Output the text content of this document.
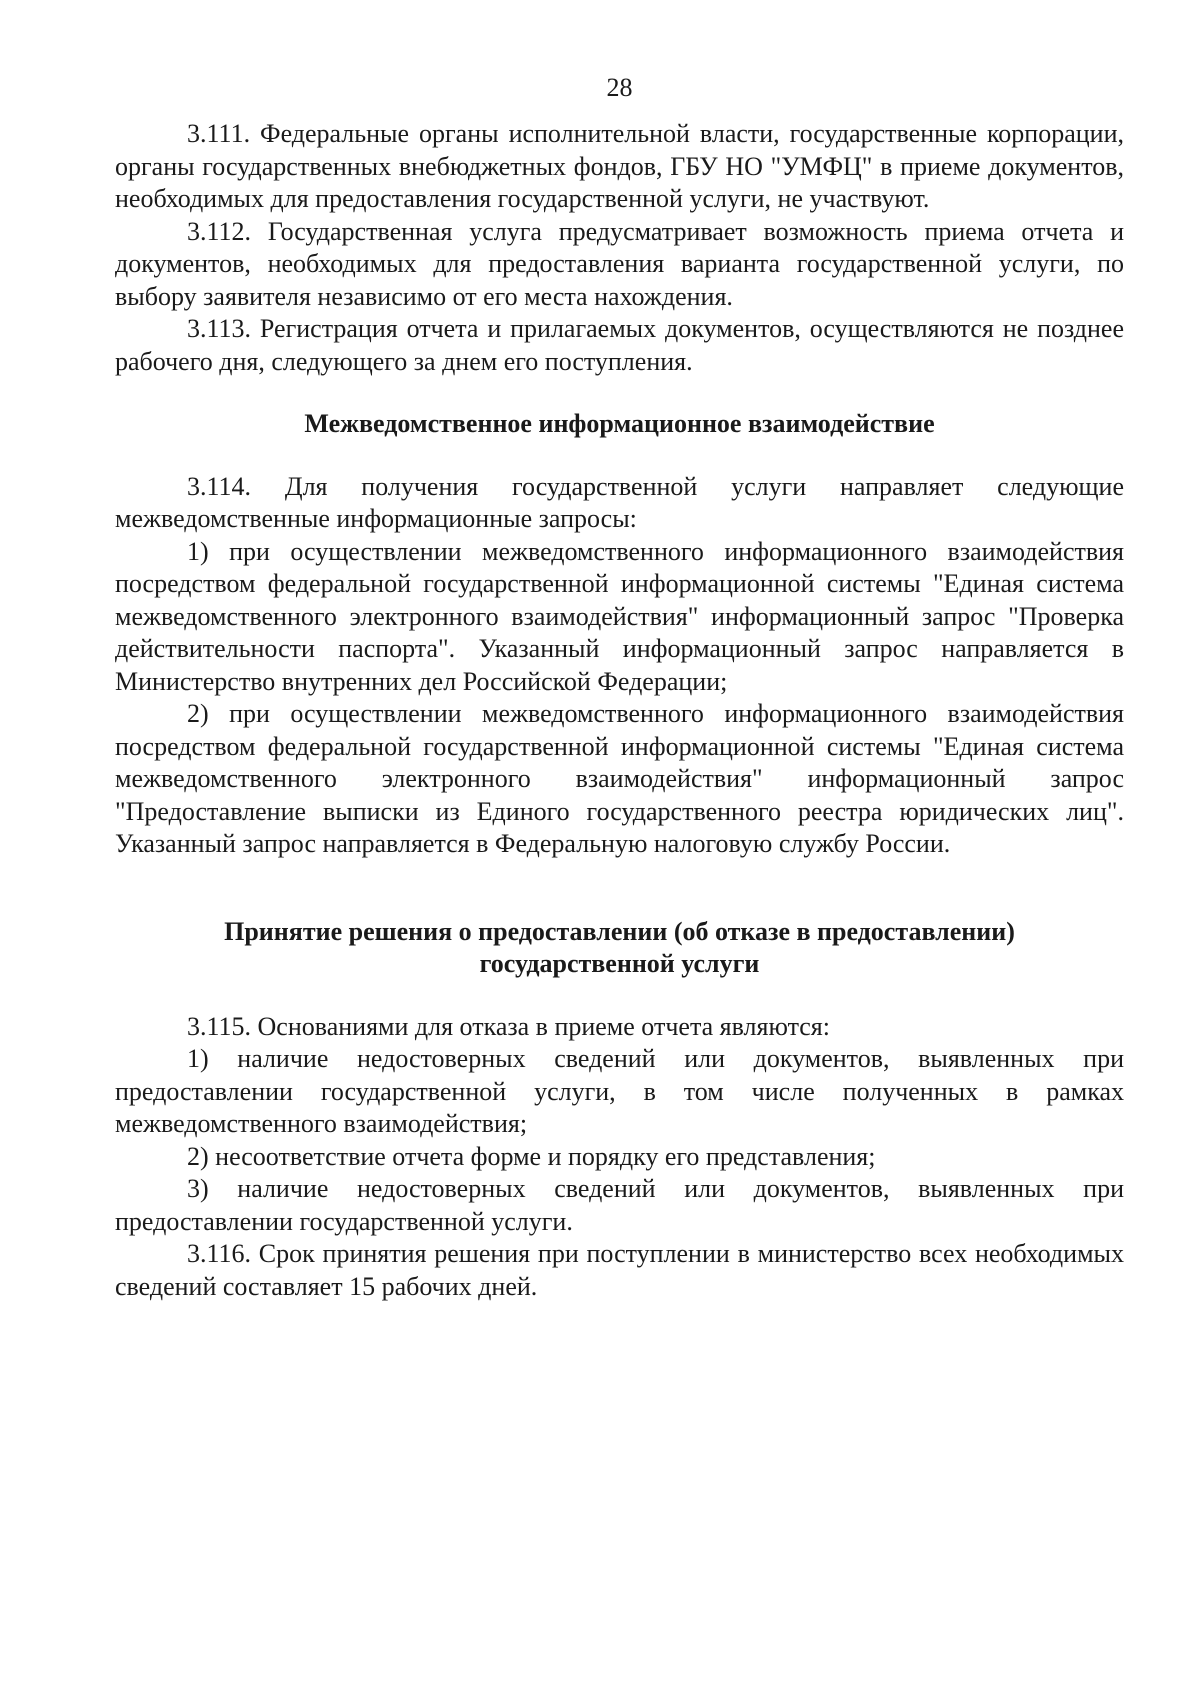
28

3.111. Федеральные органы исполнительной власти, государственные корпорации, органы государственных внебюджетных фондов, ГБУ НО "УМФЦ" в приеме документов, необходимых для предоставления государственной услуги, не участвуют.

3.112. Государственная услуга предусматривает возможность приема отчета и документов, необходимых для предоставления варианта государственной услуги, по выбору заявителя независимо от его места нахождения.

3.113. Регистрация отчета и прилагаемых документов, осуществляются не позднее рабочего дня, следующего за днем его поступления.

Межведомственное информационное взаимодействие

3.114. Для получения государственной услуги направляет следующие межведомственные информационные запросы:

1) при осуществлении межведомственного информационного взаимодействия посредством федеральной государственной информационной системы "Единая система межведомственного электронного взаимодействия" информационный запрос "Проверка действительности паспорта". Указанный информационный запрос направляется в Министерство внутренних дел Российской Федерации;

2) при осуществлении межведомственного информационного взаимодействия посредством федеральной государственной информационной системы "Единая система межведомственного электронного взаимодействия" информационный запрос "Предоставление выписки из Единого государственного реестра юридических лиц". Указанный запрос направляется в Федеральную налоговую службу России.

Принятие решения о предоставлении (об отказе в предоставлении)

государственной услуги

3.115. Основаниями для отказа в приеме отчета являются:

1) наличие недостоверных сведений или документов, выявленных при предоставлении государственной услуги, в том числе полученных в рамках межведомственного взаимодействия;

2) несоответствие отчета форме и порядку его представления;

3) наличие недостоверных сведений или документов, выявленных при предоставлении государственной услуги.

3.116. Срок принятия решения при поступлении в министерство всех необходимых сведений составляет 15 рабочих дней.
